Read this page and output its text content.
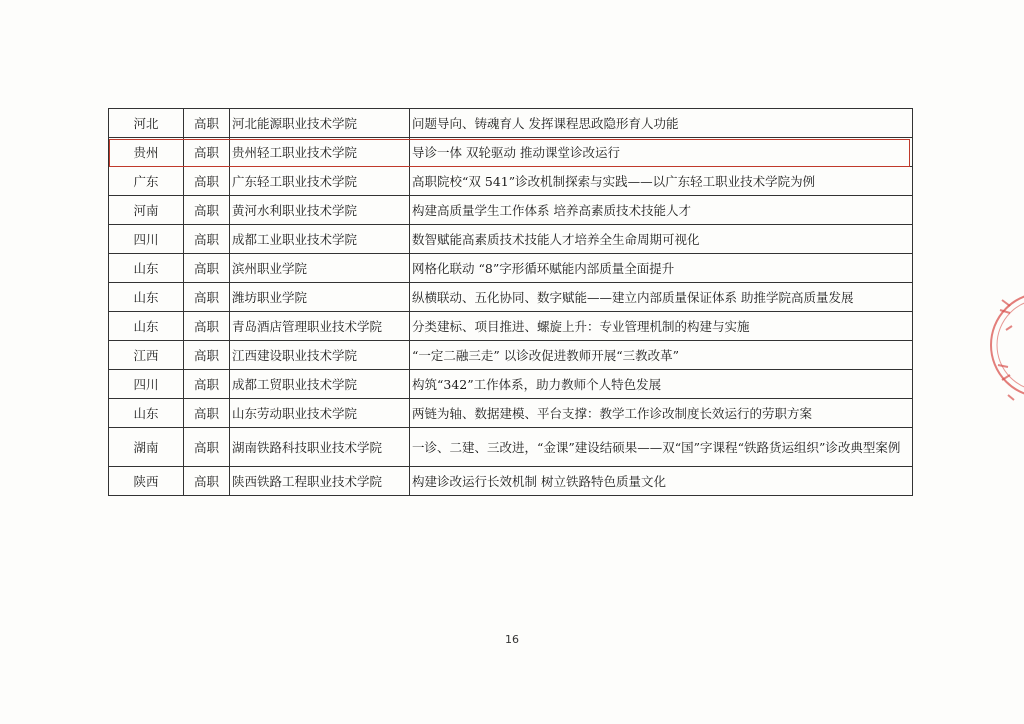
河北	高职	河北能源职业技术学院	问题导向、铸魂育人 发挥课程思政隐形育人功能
贵州	高职	贵州轻工职业技术学院	导诊一体 双轮驱动 推动课堂诊改运行
广东	高职	广东轻工职业技术学院	高职院校“双 541”诊改机制探索与实践——以广东轻工职业技术学院为例
河南	高职	黄河水利职业技术学院	构建高质量学生工作体系 培养高素质技术技能人才
四川	高职	成都工业职业技术学院	数智赋能高素质技术技能人才培养全生命周期可视化
山东	高职	滨州职业学院	网格化联动 “8”字形循环赋能内部质量全面提升
山东	高职	潍坊职业学院	纵横联动、五化协同、数字赋能——建立内部质量保证体系 助推学院高质量发展
山东	高职	青岛酒店管理职业技术学院	分类建标、项目推进、螺旋上升：专业管理机制的构建与实施
江西	高职	江西建设职业技术学院	“一定二融三走” 以诊改促进教师开展“三教改革”
四川	高职	成都工贸职业技术学院	构筑“342”工作体系，助力教师个人特色发展
山东	高职	山东劳动职业技术学院	两链为轴、数据建模、平台支撑：教学工作诊改制度长效运行的劳职方案
湖南	高职	湖南铁路科技职业技术学院	一诊、二建、三改进，“金课”建设结硕果——双“国”字课程“铁路货运组织”诊改典型案例
陕西	高职	陕西铁路工程职业技术学院	构建诊改运行长效机制 树立铁路特色质量文化
16
